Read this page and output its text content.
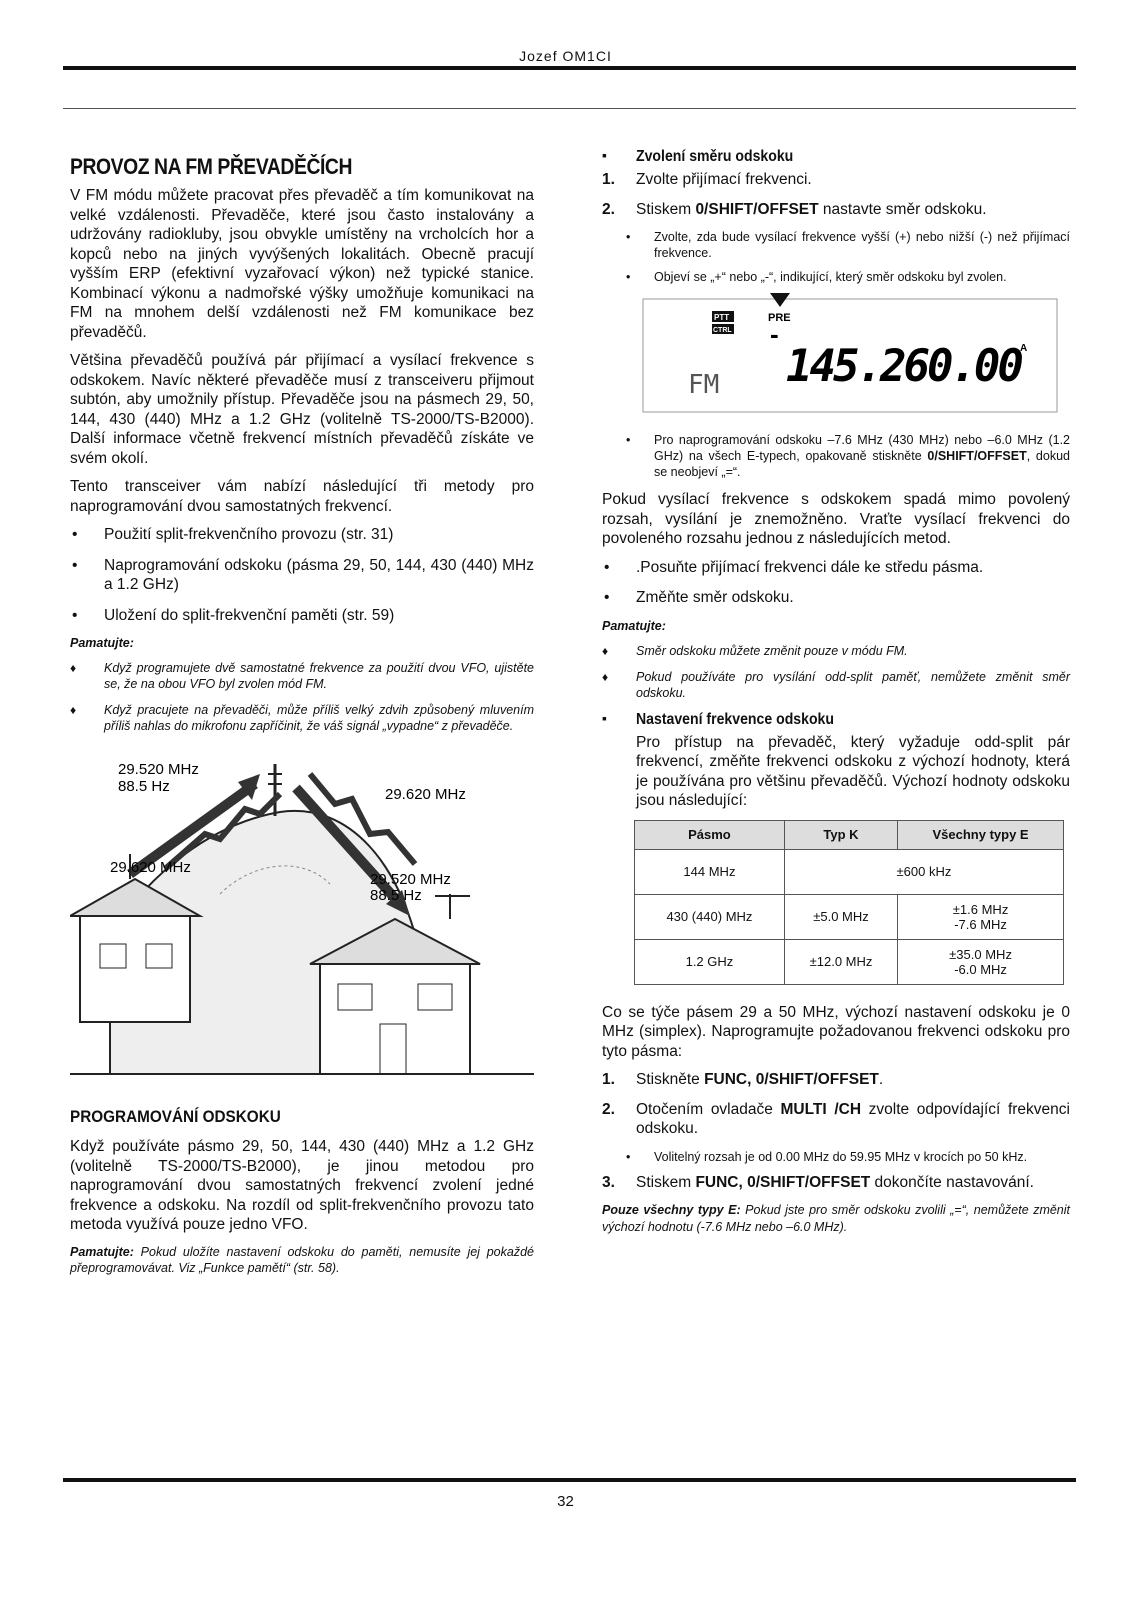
Jozef OM1CI
PROVOZ NA FM PŘEVADĚČÍCH

V FM módu můžete pracovat přes převaděč a tím komunikovat na velké vzdálenosti. Převaděče, které jsou často instalovány a udržovány radiokluby, jsou obvykle umístěny na vrcholcích hor a kopců nebo na jiných vyvýšených lokalitách. Obecně pracují vyšším ERP (efektivní vyzařovací výkon) než typické stanice. Kombinací výkonu a nadmořské výšky umožňuje komunikaci na FM na mnohem delší vzdálenosti než FM komunikace bez převaděčů.

Většina převaděčů používá pár přijímací a vysílací frekvence s odskokem. Navíc některé převaděče musí z transceiveru přijmout subtón, aby umožnily přístup. Převaděče jsou na pásmech 29, 50, 144, 430 (440) MHz a 1.2 GHz (volitelně TS-2000/TS-B2000). Další informace včetně frekvencí místních převaděčů získáte ve svém okolí.

Tento transceiver vám nabízí následující tři metody pro naprogramování dvou samostatných frekvencí.

• Použití split-frekvenčního provozu (str. 31)
• Naprogramování odskoku (pásma 29, 50, 144, 430 (440) MHz a 1.2 GHz)
• Uložení do split-frekvenční paměti (str. 59)
Pamatujte:
♦ Když programujete dvě samostatné frekvence za použití dvou VFO, ujistěte se, že na obou VFO byl zvolen mód FM.
♦ Když pracujete na převaděči, může příliš velký zdvih způsobený mluvením příliš nahlas do mikrofonu zapříčinit, že váš signál „vypadne“ z převaděče.
29.520 MHz
88.5 Hz	29.620 MHz
29.620 MHz
29.520 MHz
88.5 Hz
PROGRAMOVÁNÍ ODSKOKU

Když používáte pásmo 29, 50, 144, 430 (440) MHz a 1.2 GHz (volitelně TS-2000/TS-B2000), je jinou metodou pro naprogramování dvou samostatných frekvencí zvolení jedné frekvence a odskoku. Na rozdíl od split-frekvenčního provozu tato metoda využívá pouze jedno VFO.

Pamatujte: Pokud uložíte nastavení odskoku do paměti, nemusíte jej pokaždé přeprogramovávat. Viz „Funkce pamětí“ (str. 58).
▪ Zvolení směru odskoku
1. Zvolte přijímací frekvenci.
2. Stiskem 0/SHIFT/OFFSET nastavte směr odskoku.
• Zvolte, zda bude vysílací frekvence vyšší (+) nebo nižší (-) než přijímací frekvence.
• Objeví se „+“ nebo „-“, indikující, který směr odskoku byl zvolen.
PTT
CTRL
PRE
-
145.260.00 A
FM
• Pro naprogramování odskoku –7.6 MHz (430 MHz) nebo –6.0 MHz (1.2 GHz) na všech E-typech, opakovaně stiskněte 0/SHIFT/OFFSET, dokud se neobjeví „=“.

Pokud vysílací frekvence s odskokem spadá mimo povolený rozsah, vysílání je znemožněno. Vraťte vysílací frekvenci do povoleného rozsahu jednou z následujících metod.

• .Posuňte přijímací frekvenci dále ke středu pásma.
• Změňte směr odskoku.
Pamatujte:
♦ Směr odskoku můžete změnit pouze v módu FM.
♦ Pokud používáte pro vysílání odd-split paměť, nemůžete změnit směr odskoku.
▪ Nastavení frekvence odskoku

Pro přístup na převaděč, který vyžaduje odd-split pár frekvencí, změňte frekvenci odskoku z výchozí hodnoty, která je používána pro většinu převaděčů. Výchozí hodnoty odskoku jsou následující:

Pásmo	Typ K	Všechny typy E
144 MHz	±600 kHz	
430 (440) MHz	±5.0 MHz	±1.6 MHz
-7.6 MHz

1.2 GHz	±12.0 MHz	±35.0 MHz
-6.0 MHz

Co se týče pásem 29 a 50 MHz, výchozí nastavení odskoku je 0 MHz (simplex). Naprogramujte požadovanou frekvenci odskoku pro tyto pásma:

1. Stiskněte FUNC, 0/SHIFT/OFFSET.
2. Otočením ovladače MULTI /CH zvolte odpovídající frekvenci odskoku.
• Volitelný rozsah je od 0.00 MHz do 59.95 MHz v krocích po 50 kHz.
3. Stiskem FUNC, 0/SHIFT/OFFSET dokončíte nastavování.
Pouze všechny typy E: Pokud jste pro směr odskoku zvolili „=“, nemůžete změnit výchozí hodnotu (-7.6 MHz nebo –6.0 MHz).
32
